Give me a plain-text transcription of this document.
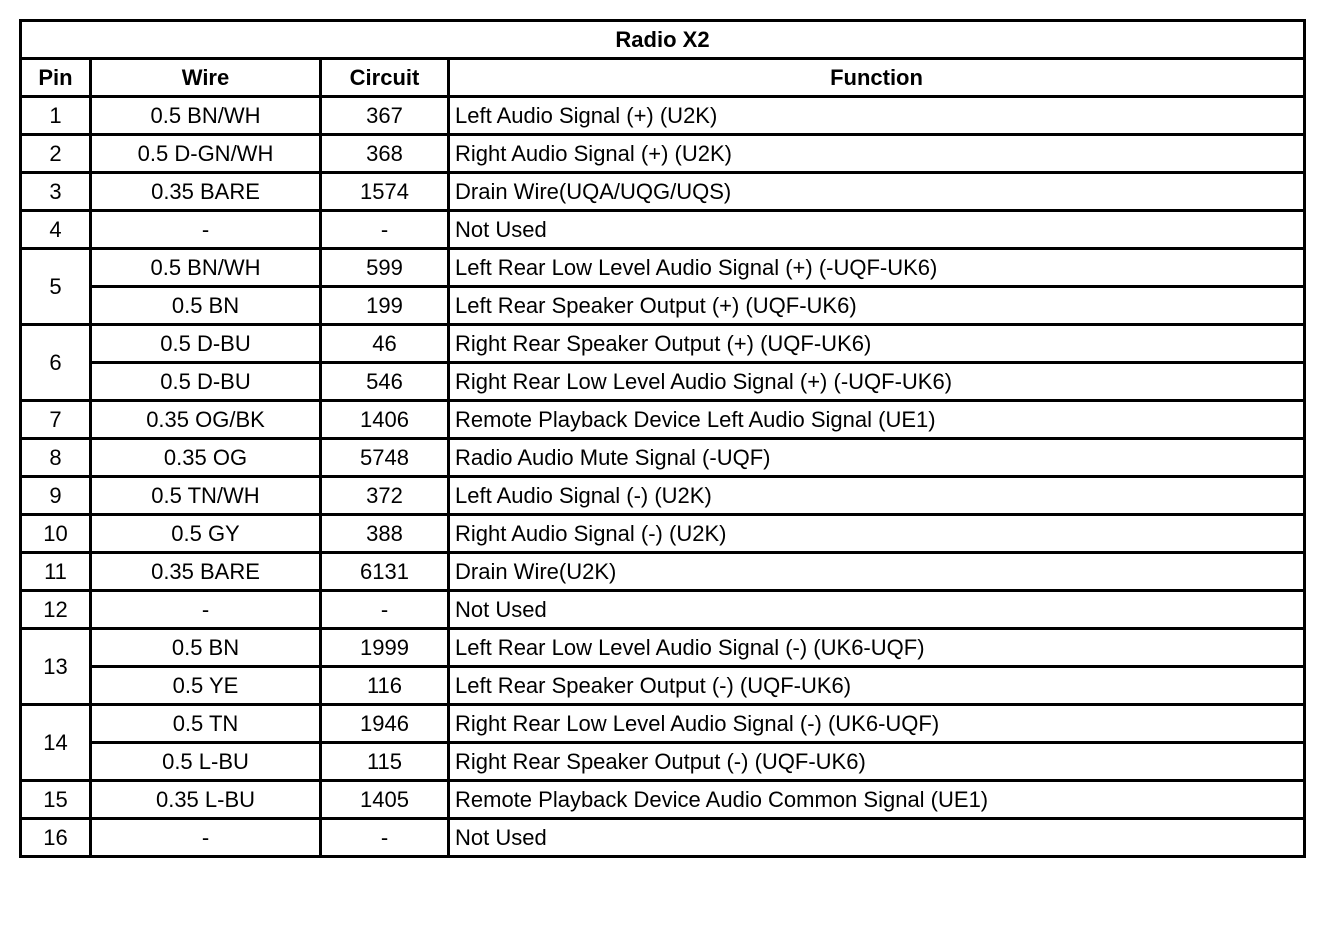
Radio X2			
Pin	Wire	Circuit	Function
1	0.5 BN/WH	367	Left Audio Signal (+) (U2K)
2	0.5 D-GN/WH	368	Right Audio Signal (+) (U2K)
3	0.35 BARE	1574	Drain Wire(UQA/UQG/UQS)
4	-	-	Not Used
5	0.5 BN/WH	599	Left Rear Low Level Audio Signal (+) (-UQF-UK6)
	0.5 BN	199	Left Rear Speaker Output (+) (UQF-UK6)
6	0.5 D-BU	46	Right Rear Speaker Output (+) (UQF-UK6)
	0.5 D-BU	546	Right Rear Low Level Audio Signal (+) (-UQF-UK6)
7	0.35 OG/BK	1406	Remote Playback Device Left Audio Signal (UE1)
8	0.35 OG	5748	Radio Audio Mute Signal (-UQF)
9	0.5 TN/WH	372	Left Audio Signal (-) (U2K)
10	0.5 GY	388	Right Audio Signal (-) (U2K)
11	0.35 BARE	6131	Drain Wire(U2K)
12	-	-	Not Used
13	0.5 BN	1999	Left Rear Low Level Audio Signal (-) (UK6-UQF)
	0.5 YE	116	Left Rear Speaker Output (-) (UQF-UK6)
14	0.5 TN	1946	Right Rear Low Level Audio Signal (-) (UK6-UQF)
	0.5 L-BU	115	Right Rear Speaker Output (-) (UQF-UK6)
15	0.35 L-BU	1405	Remote Playback Device Audio Common Signal (UE1)
16	-	-	Not Used
